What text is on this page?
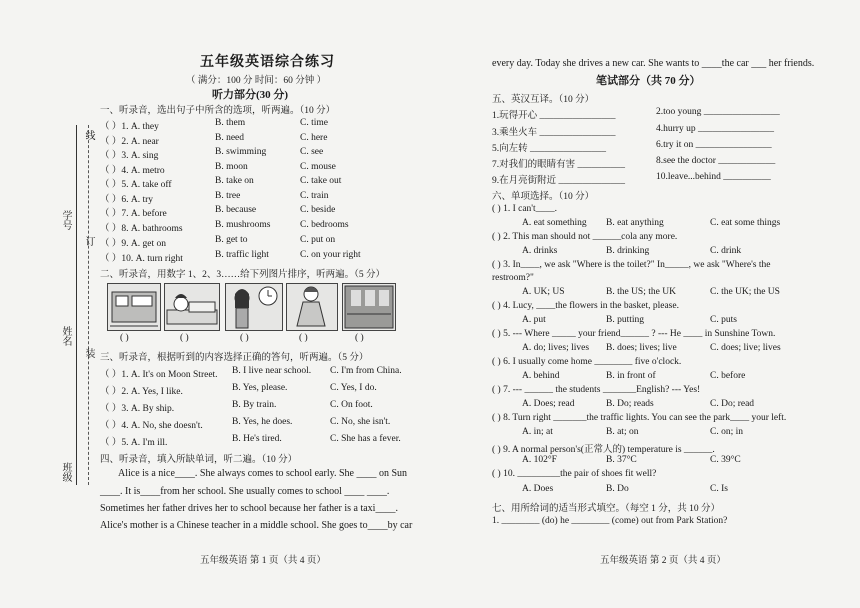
班级
姓名
学号
装
订
线
五年级英语综合练习
（ 满分：100 分 时间：60 分钟 ）
听力部分(30 分)
一、听录音，选出句子中所含的选项，听两遍。（10 分）
（ ）1. A. they	B. them	C. time
（ ）2. A. near	B. need	C. here
（ ）3. A. sing	B. swimming	C. see
（ ）4. A. metro	B. moon	C. mouse
（ ）5. A. take off	B. take on	C. take out
（ ）6. A. try	B. tree	C. train
（ ）7. A. before	B. because	C. beside
（ ）8. A. bathrooms	B. mushrooms	C. bedrooms
（ ）9. A. get on	B. get to	C. put on
（ ）10. A. turn right	B. traffic light	C. on your right
二、听录音，用数字 1、2、3……给下列图片排序，听两遍。（5 分）
( )	( )	( )	( )	( )
三、听录音，根据听到的内容选择正确的答句，听两遍。（5 分）
（ ）1. A. It's on Moon Street. B. I live near school. C. I'm from China.
（ ）2. A. Yes, I like.	B. Yes, please.	C. Yes, I do.
（ ）3. A. By ship.	B. By train.	C. On foot.
（ ）4. A. No, she doesn't.	B. Yes, he does.	C. No, she isn't.
（ ）5. A. I'm ill.	B. He's tired.	C. She has a fever.
四、听录音，填入所缺单词，听二遍。（10 分）
Alice is a nice____. She always comes to school early. She ____ on Sun
____. It is____from her school. She usually comes to school ____ ____.
Sometimes her father drives her to school because her father is a taxi____.
Alice's mother is a Chinese teacher in a middle school. She goes to____by car
五年级英语 第 1 页（共 4 页）
every day. Today she drives a new car. She wants to ____the car ___ her friends.
笔试部分（共 70 分）
五、英汉互译。（10 分）
1.玩得开心 ________________	2.too young ________________
3.乘坐火车 ________________	4.hurry up ________________
5.向左转 ________________	6.try it on ________________
7.对我们的眼睛有害 __________	8.see the doctor ____________
9.在月亮街附近 ______________	10.leave...behind __________
六、单项选择。（10 分）
( ) 1. I can't____.
A. eat something B. eat anything	C. eat some things
( ) 2. This man should not ______cola any more.
A. drinks	B. drinking	C. drink
( ) 3. In____, we ask "Where is the toilet?" In_____, we ask "Where's the
restroom?"
A. UK; US	B. the US; the UK	C. the UK; the US
( ) 4. Lucy, ____the flowers in the basket, please.
A. put	B. putting	C. puts
( ) 5. --- Where _____ your friend______ ? --- He ____ in Sunshine Town.
A. do; lives; lives B. does; lives; live	C. does; live; lives
( ) 6. I usually come home ________ five o'clock.
A. behind	B. in front of	C. before
( ) 7. --- ______ the students _______English? --- Yes!
A. Does; read	B. Do; reads	C. Do; read
( ) 8. Turn right _______the traffic lights. You can see the park____ your left.
A. in; at	B. at; on	C. on; in
( ) 9. A normal person's(正常人的) temperature is ______.
A. 102°F	B. 37°C	C. 39°C
( ) 10. _________the pair of shoes fit well?
A. Does	B. Do	C. Is
七、用所给词的适当形式填空。（每空 1 分，共 10 分）
1. ________ (do) he ________ (come) out from Park Station?
五年级英语 第 2 页（共 4 页）
